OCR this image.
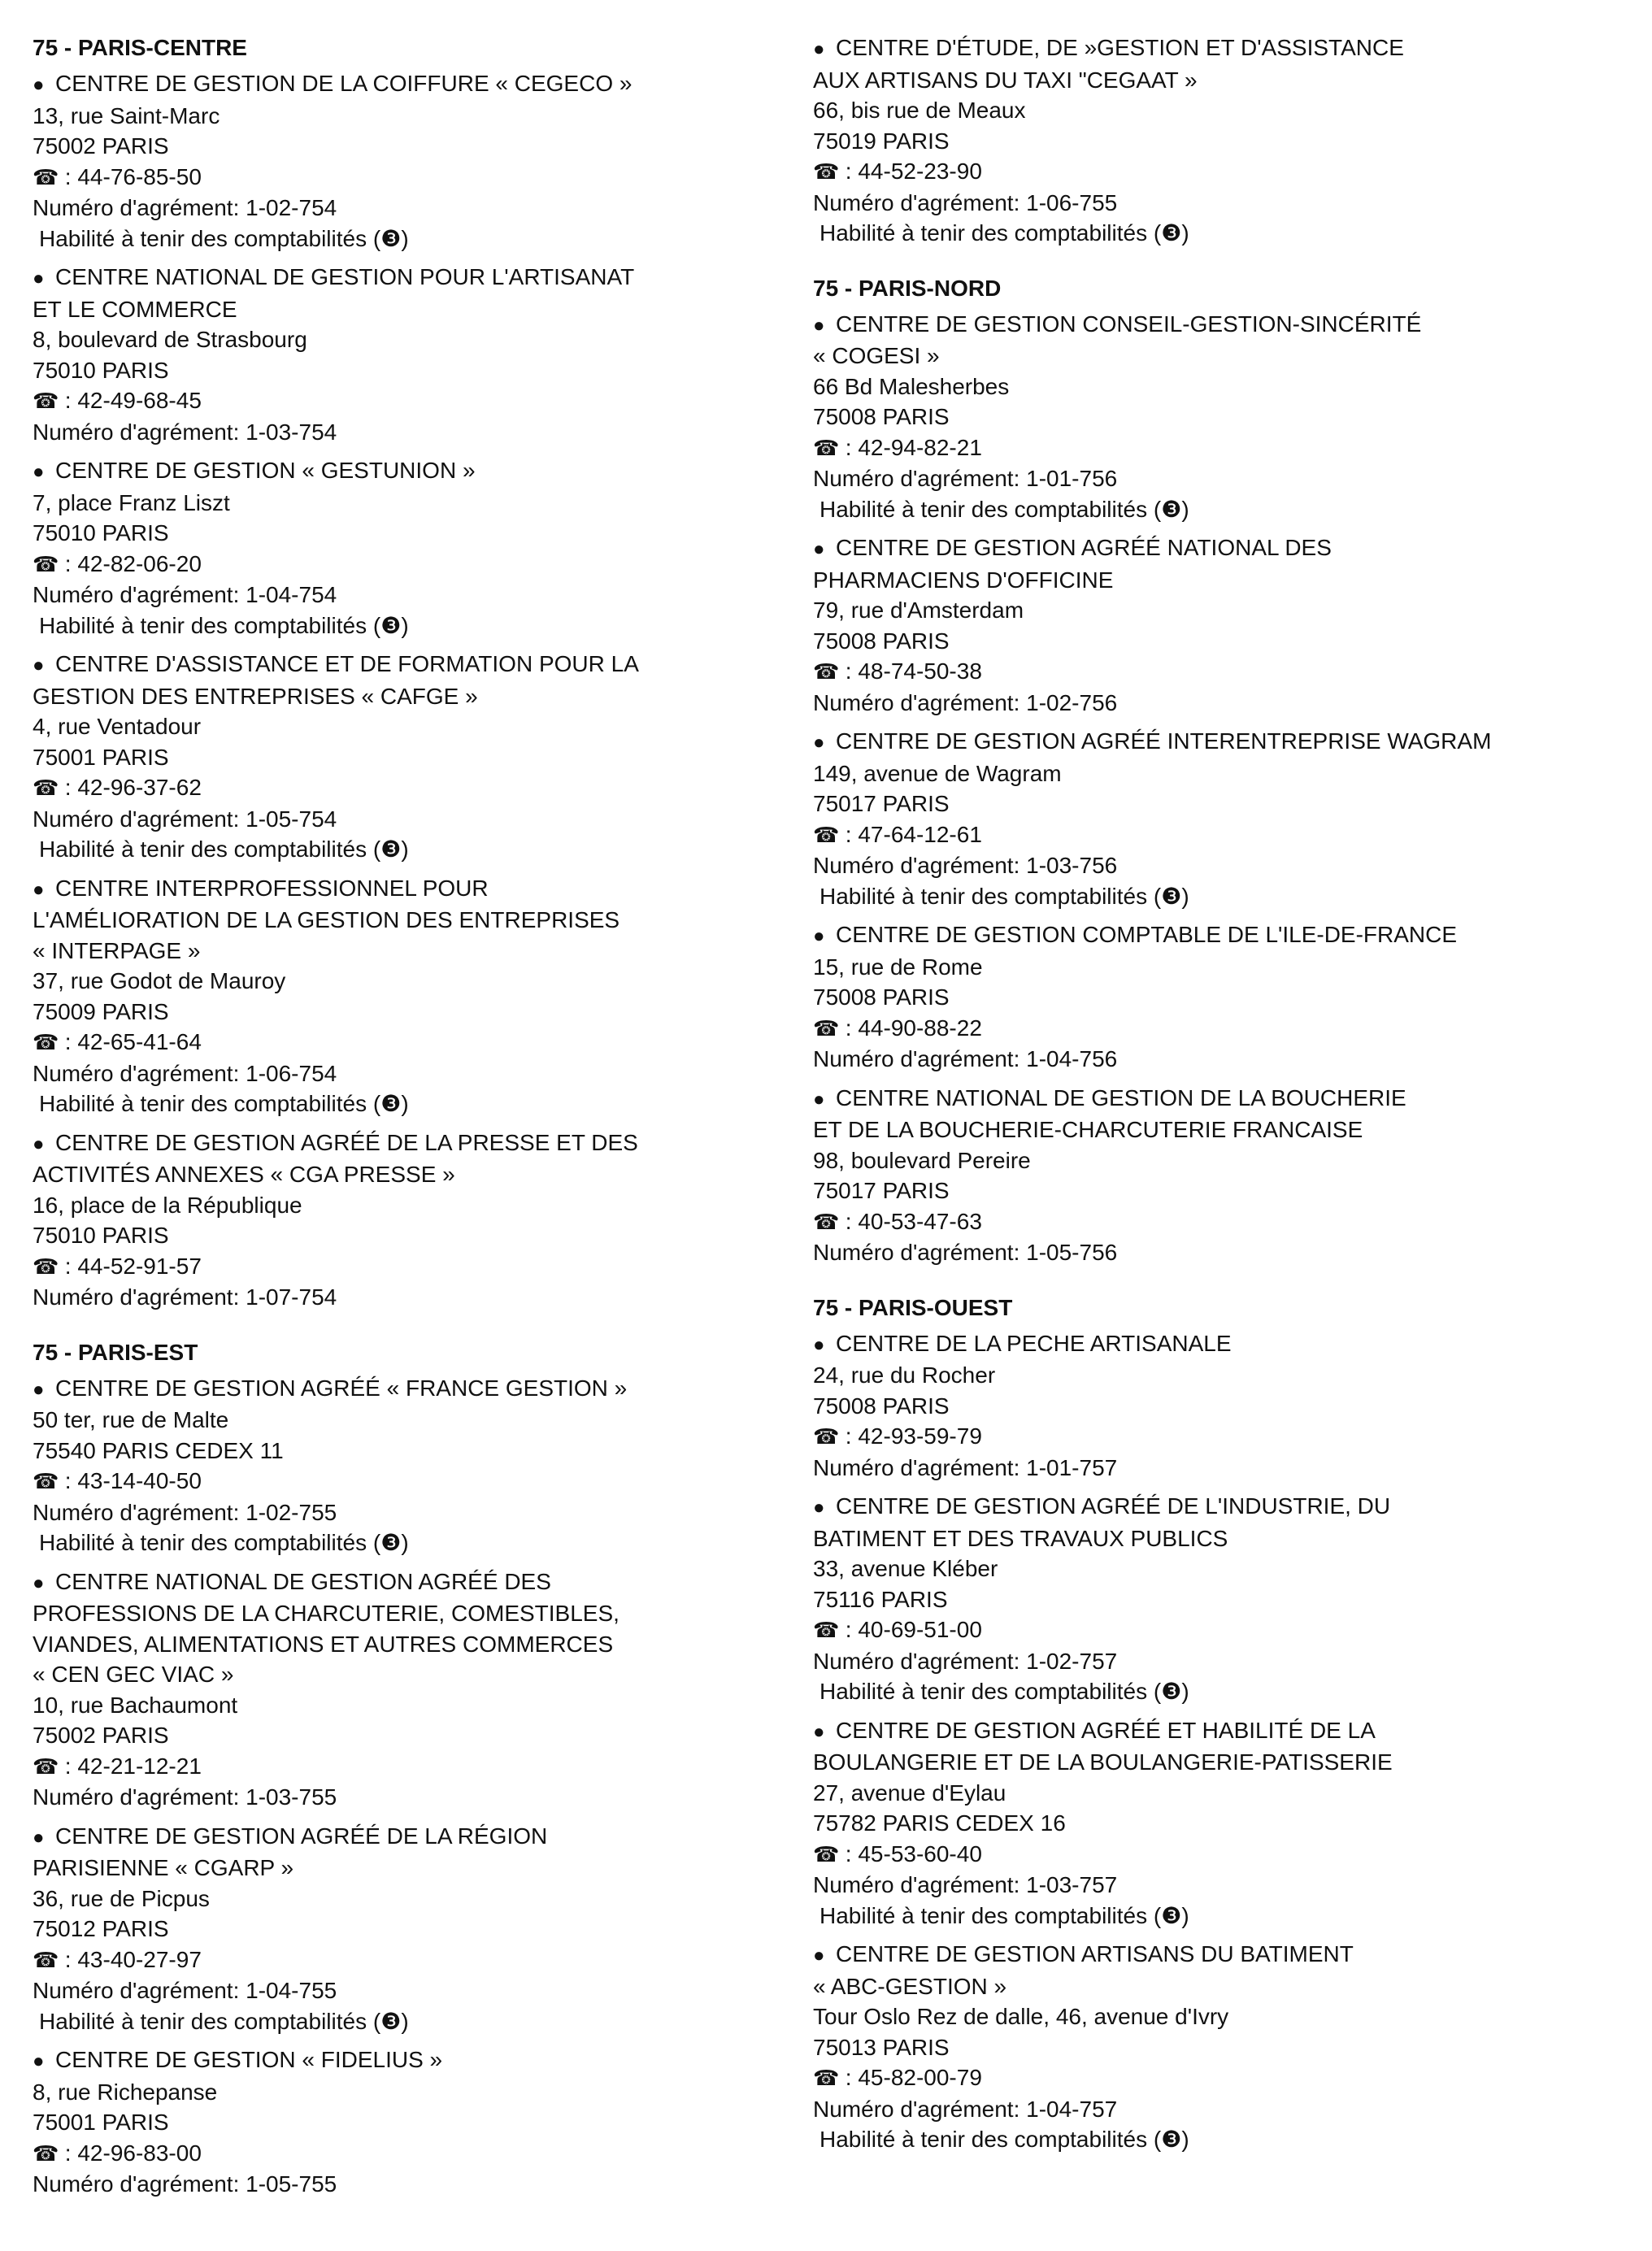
75 - PARIS-CENTRE
● CENTRE DE GESTION DE LA COIFFURE « CEGECO »
13, rue Saint-Marc
75002 PARIS
☎ : 44-76-85-50
Numéro d'agrément: 1-02-754
Habilité à tenir des comptabilités (❸)
● CENTRE NATIONAL DE GESTION POUR L'ARTISANAT
ET LE COMMERCE
8, boulevard de Strasbourg
75010 PARIS
☎ : 42-49-68-45
Numéro d'agrément: 1-03-754
● CENTRE DE GESTION « GESTUNION »
7, place Franz Liszt
75010 PARIS
☎ : 42-82-06-20
Numéro d'agrément: 1-04-754
Habilité à tenir des comptabilités (❸)
● CENTRE D'ASSISTANCE ET DE FORMATION POUR LA
GESTION DES ENTREPRISES « CAFGE »
4, rue Ventadour
75001 PARIS
☎ : 42-96-37-62
Numéro d'agrément: 1-05-754
Habilité à tenir des comptabilités (❸)
● CENTRE INTERPROFESSIONNEL POUR
L'AMÉLIORATION DE LA GESTION DES ENTREPRISES
« INTERPAGE »
37, rue Godot de Mauroy
75009 PARIS
☎ : 42-65-41-64
Numéro d'agrément: 1-06-754
Habilité à tenir des comptabilités (❸)
● CENTRE DE GESTION AGRÉÉ DE LA PRESSE ET DES
ACTIVITÉS ANNEXES « CGA PRESSE »
16, place de la République
75010 PARIS
☎ : 44-52-91-57
Numéro d'agrément: 1-07-754
75 - PARIS-EST
● CENTRE DE GESTION AGRÉÉ « FRANCE GESTION »
50 ter, rue de Malte
75540 PARIS CEDEX 11
☎ : 43-14-40-50
Numéro d'agrément: 1-02-755
Habilité à tenir des comptabilités (❸)
● CENTRE NATIONAL DE GESTION AGRÉÉ DES
PROFESSIONS DE LA CHARCUTERIE, COMESTIBLES,
VIANDES, ALIMENTATIONS ET AUTRES COMMERCES
« CEN GEC VIAC »
10, rue Bachaumont
75002 PARIS
☎ : 42-21-12-21
Numéro d'agrément: 1-03-755
● CENTRE DE GESTION AGRÉÉ DE LA RÉGION
PARISIENNE « CGARP »
36, rue de Picpus
75012 PARIS
☎ : 43-40-27-97
Numéro d'agrément: 1-04-755
Habilité à tenir des comptabilités (❸)
● CENTRE DE GESTION « FIDELIUS »
8, rue Richepanse
75001 PARIS
☎ : 42-96-83-00
Numéro d'agrément: 1-05-755
● CENTRE D'ÉTUDE, DE »GESTION ET D'ASSISTANCE
AUX ARTISANS DU TAXI "CEGAAT »
66, bis rue de Meaux
75019 PARIS
☎ : 44-52-23-90
Numéro d'agrément: 1-06-755
Habilité à tenir des comptabilités (❸)
75 - PARIS-NORD
● CENTRE DE GESTION CONSEIL-GESTION-SINCÉRITÉ
« COGESI »
66 Bd Malesherbes
75008 PARIS
☎ : 42-94-82-21
Numéro d'agrément: 1-01-756
Habilité à tenir des comptabilités (❸)
● CENTRE DE GESTION AGRÉÉ NATIONAL DES
PHARMACIENS D'OFFICINE
79, rue d'Amsterdam
75008 PARIS
☎ : 48-74-50-38
Numéro d'agrément: 1-02-756
● CENTRE DE GESTION AGRÉÉ INTERENTREPRISE WAGRAM
149, avenue de Wagram
75017 PARIS
☎ : 47-64-12-61
Numéro d'agrément: 1-03-756
Habilité à tenir des comptabilités (❸)
● CENTRE DE GESTION COMPTABLE DE L'ILE-DE-FRANCE
15, rue de Rome
75008 PARIS
☎ : 44-90-88-22
Numéro d'agrément: 1-04-756
● CENTRE NATIONAL DE GESTION DE LA BOUCHERIE
ET DE LA BOUCHERIE-CHARCUTERIE FRANCAISE
98, boulevard Pereire
75017 PARIS
☎ : 40-53-47-63
Numéro d'agrément: 1-05-756
75 - PARIS-OUEST
● CENTRE DE LA PECHE ARTISANALE
24, rue du Rocher
75008 PARIS
☎ : 42-93-59-79
Numéro d'agrément: 1-01-757
● CENTRE DE GESTION AGRÉÉ DE L'INDUSTRIE, DU
BATIMENT ET DES TRAVAUX PUBLICS
33, avenue Kléber
75116 PARIS
☎ : 40-69-51-00
Numéro d'agrément: 1-02-757
Habilité à tenir des comptabilités (❸)
● CENTRE DE GESTION AGRÉÉ ET HABILITÉ DE LA
BOULANGERIE ET DE LA BOULANGERIE-PATISSERIE
27, avenue d'Eylau
75782 PARIS CEDEX 16
☎ : 45-53-60-40
Numéro d'agrément: 1-03-757
Habilité à tenir des comptabilités (❸)
● CENTRE DE GESTION ARTISANS DU BATIMENT
« ABC-GESTION »
Tour Oslo Rez de dalle, 46, avenue d'Ivry
75013 PARIS
☎ : 45-82-00-79
Numéro d'agrément: 1-04-757
Habilité à tenir des comptabilités (❸)
